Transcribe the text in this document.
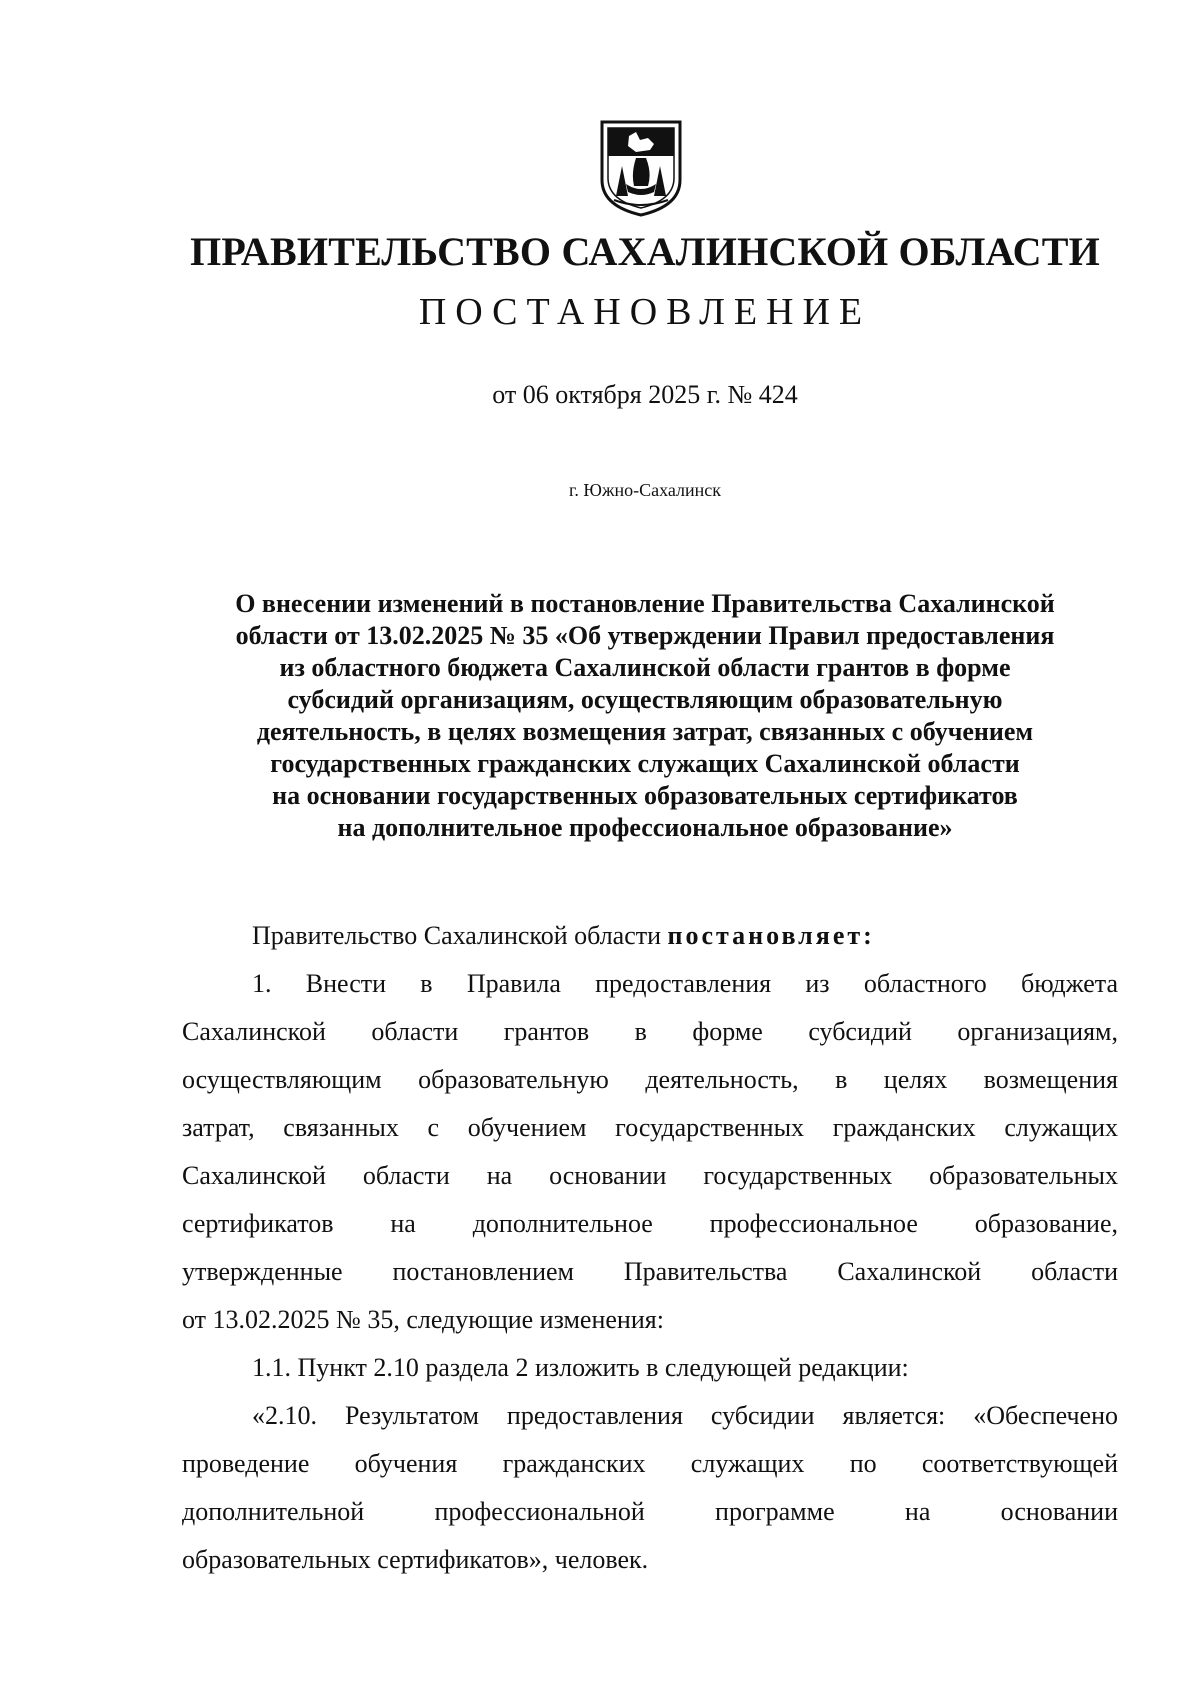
ПРАВИТЕЛЬСТВО САХАЛИНСКОЙ ОБЛАСТИ
ПОСТАНОВЛЕНИЕ
от 06 октября 2025 г. № 424
г. Южно-Сахалинск
О внесении изменений в постановление Правительства Сахалинской
области от 13.02.2025 № 35 «Об утверждении Правил предоставления
из областного бюджета Сахалинской области грантов в форме
субсидий организациям, осуществляющим образовательную
деятельность, в целях возмещения затрат, связанных с обучением
государственных гражданских служащих Сахалинской области
на основании государственных образовательных сертификатов
на дополнительное профессиональное образование»
Правительство Сахалинской области постановляет:
1. Внести в Правила предоставления из областного бюджета
Сахалинской области грантов в форме субсидий организациям,
осуществляющим образовательную деятельность, в целях возмещения
затрат, связанных с обучением государственных гражданских служащих
Сахалинской области на основании государственных образовательных
сертификатов на дополнительное профессиональное образование,
утвержденные постановлением Правительства Сахалинской области
от 13.02.2025 № 35, следующие изменения:
1.1. Пункт 2.10 раздела 2 изложить в следующей редакции:
«2.10. Результатом предоставления субсидии является: «Обеспечено
проведение обучения гражданских служащих по соответствующей
дополнительной профессиональной программе на основании
образовательных сертификатов», человек.
